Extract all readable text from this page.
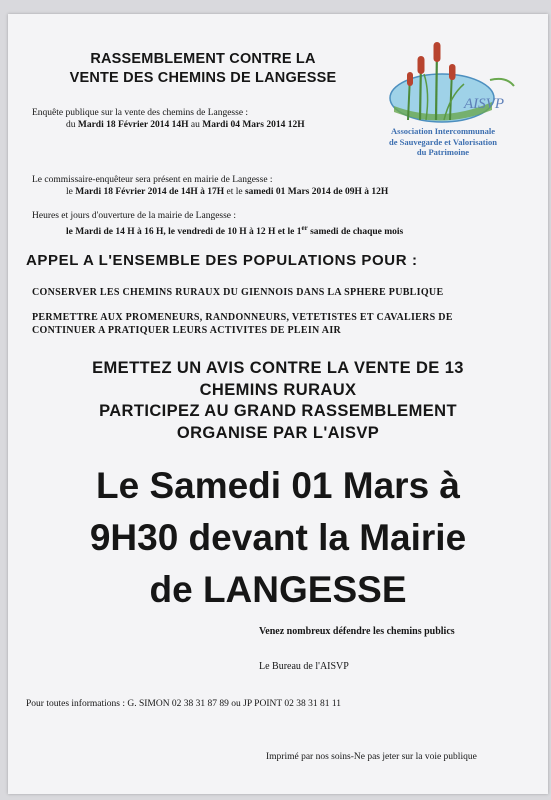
RASSEMBLEMENT CONTRE LA
VENTE DES CHEMINS DE LANGESSE
AISVP
Association Intercommunale
de Sauvegarde et Valorisation
du Patrimoine
Enquête publique sur la vente des chemins de Langesse :
du Mardi 18 Février 2014 14H au Mardi 04 Mars 2014 12H
Le commissaire-enquêteur sera présent en mairie de Langesse :
le Mardi 18 Février 2014 de 14H à 17H et le samedi 01 Mars 2014 de 09H à 12H
Heures et jours d'ouverture de la mairie de Langesse :
le Mardi de 14 H à 16 H, le vendredi de 10 H à 12 H et le 1er samedi de chaque mois
APPEL A L'ENSEMBLE DES POPULATIONS POUR :
CONSERVER LES CHEMINS RURAUX DU GIENNOIS DANS LA SPHERE PUBLIQUE
PERMETTRE AUX PROMENEURS, RANDONNEURS, VETETISTES ET CAVALIERS DE
CONTINUER A PRATIQUER LEURS ACTIVITES DE PLEIN AIR
EMETTEZ UN AVIS CONTRE LA VENTE DE 13
CHEMINS RURAUX
PARTICIPEZ AU GRAND RASSEMBLEMENT
ORGANISE PAR L'AISVP
Le Samedi 01 Mars à
9H30 devant la Mairie
de LANGESSE
Venez nombreux défendre les chemins publics
Le Bureau de l'AISVP
Pour toutes informations : G. SIMON 02 38 31 87 89 ou JP POINT 02 38 31 81 11
Imprimé par nos soins-Ne pas jeter sur la voie publique
